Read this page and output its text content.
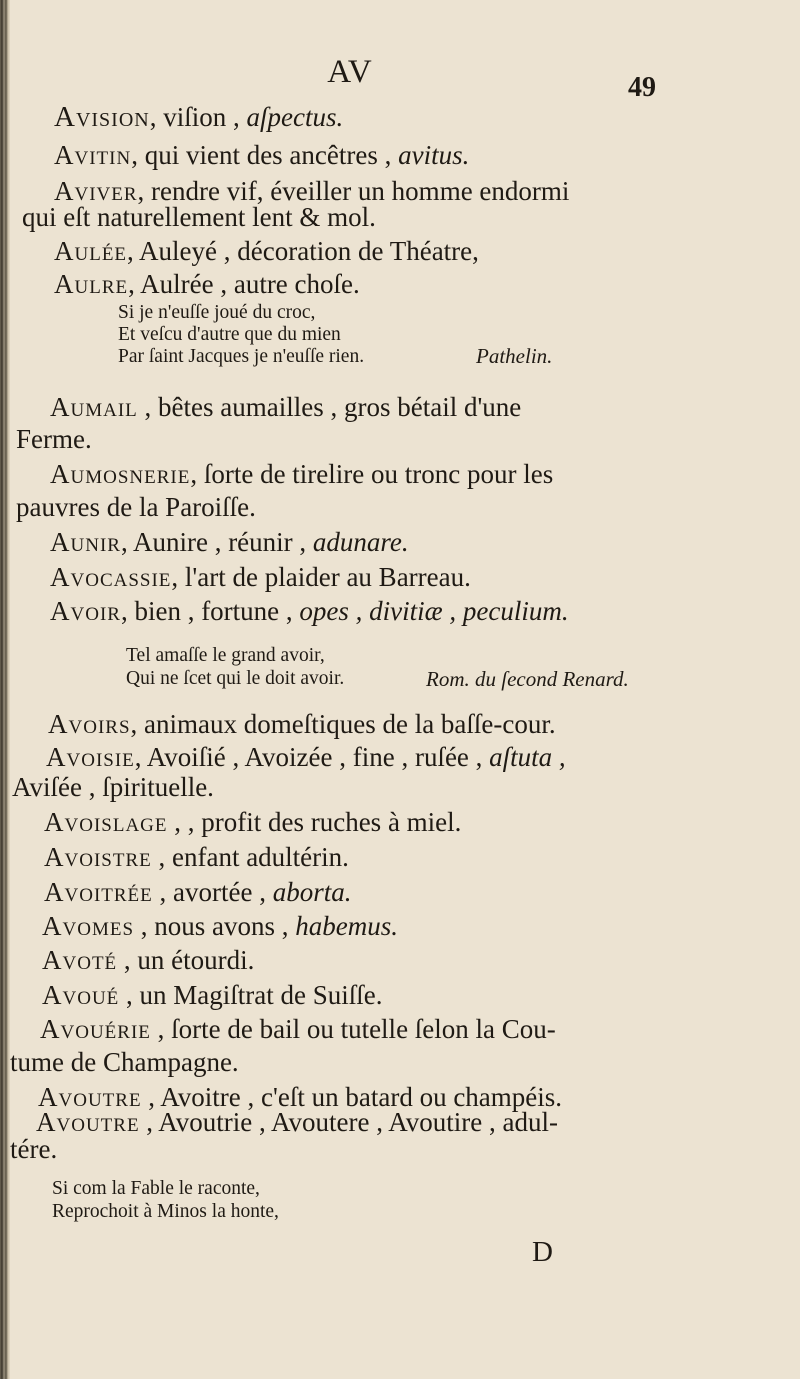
AV	49
Avision, viſion , aſpectus.
Avitin, qui vient des ancêtres , avitus.
Aviver, rendre vif, éveiller un homme endormi
qui eſt naturellement lent & mol.
Aulée, Auleyé , décoration de Théatre,
Aulre, Aulrée , autre choſe.
Si je n'euſſe joué du croc,
Et veſcu d'autre que du mien
Par ſaint Jacques je n'euſſe rien.	Pathelin.
Aumail , bêtes aumailles , gros bétail d'une
Ferme.
Aumosnerie, ſorte de tirelire ou tronc pour les
pauvres de la Paroiſſe.
Aunir, Aunire , réunir , adunare.
Avocassie, l'art de plaider au Barreau.
Avoir, bien , fortune , opes , divitiæ , peculium.
Tel amaſſe le grand avoir,
Qui ne ſcet qui le doit avoir.	Rom. du ſecond Renard.
Avoirs, animaux domeſtiques de la baſſe-cour.
Avoisie, Avoiſié , Avoizée , fine , ruſée , aſtuta ,
Aviſée , ſpirituelle.
Avoislage , , profit des ruches à miel.
Avoistre , enfant adultérin.
Avoitrée , avortée , aborta.
Avomes , nous avons , habemus.
Avoté , un étourdi.
Avoué , un Magiſtrat de Suiſſe.
Avouérie , ſorte de bail ou tutelle ſelon la Cou-
tume de Champagne.
Avoutre , Avoitre , c'eſt un batard ou champéis.
Avoutre , Avoutrie , Avoutere , Avoutire , adul-
tére.
Si com la Fable le raconte,
Reprochoit à Minos la honte,
D
